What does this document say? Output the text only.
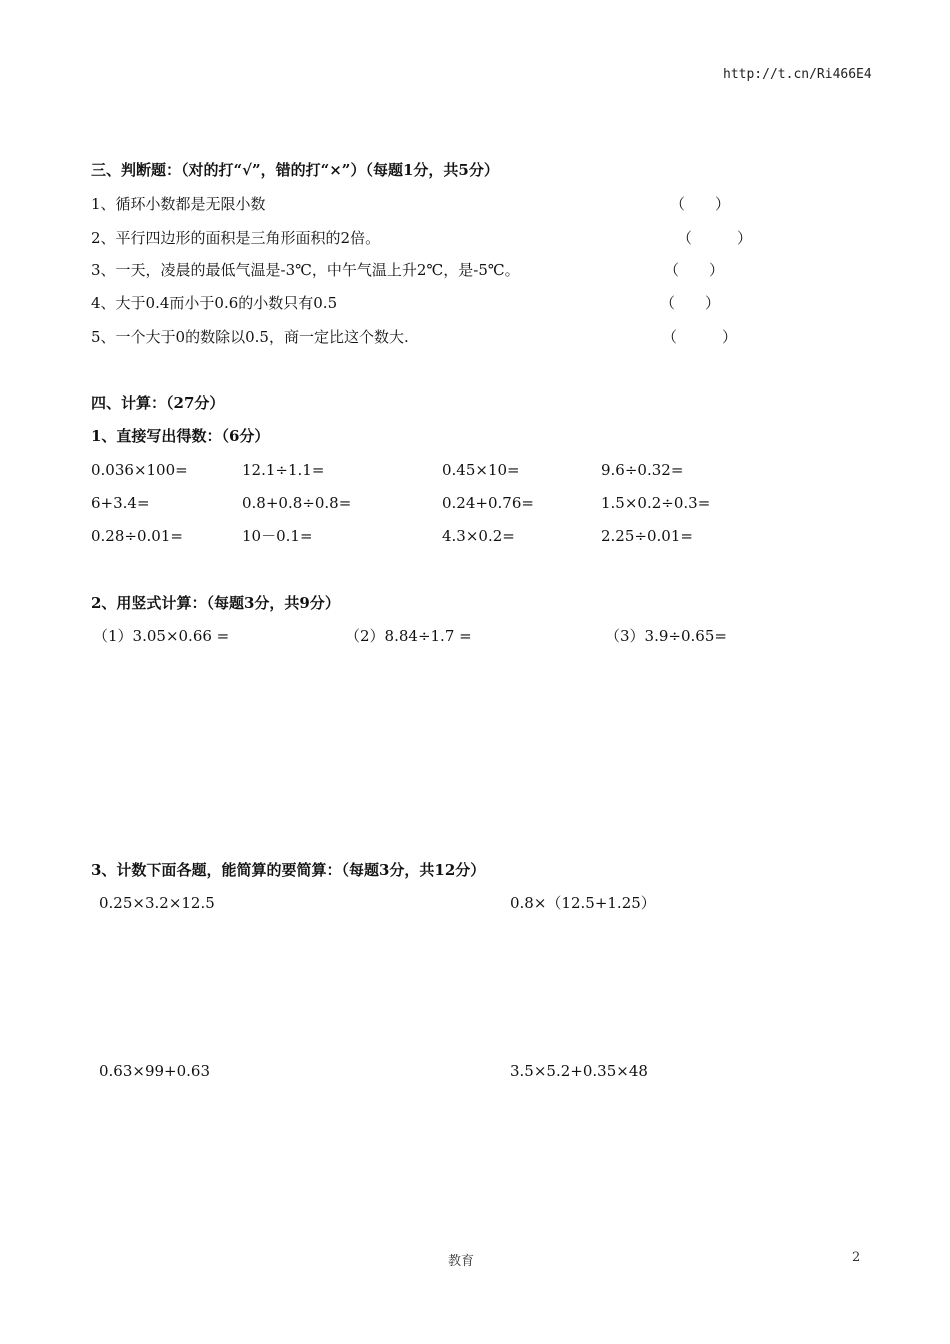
http://t.cn/Ri466E4
三、判断题：（对的打“√”，错的打“×”）（每题1分，共5分）
1、循环小数都是无限小数	（　　）
2、平行四边形的面积是三角形面积的2倍。	（　　　）
3、一天，凌晨的最低气温是-3℃，中午气温上升2℃，是-5℃。	（　　）
4、大于0.4而小于0.6的小数只有0.5	（　　）
5、一个大于0的数除以0.5，商一定比这个数大.	（　　　）
四、计算：（27分）
1、直接写出得数：（6分）
0.036×100=	12.1÷1.1=	0.45×10=	9.6÷0.32=
6+3.4=	0.8+0.8÷0.8=	0.24+0.76=	1.5×0.2÷0.3=
0.28÷0.01=	10－0.1=	4.3×0.2=	2.25÷0.01=
2、用竖式计算：（每题3分，共9分）
（1）3.05×0.66 =	（2）8.84÷1.7 =	（3）3.9÷0.65=
3、计数下面各题，能简算的要简算：（每题3分，共12分）
0.25×3.2×12.5	0.8×（12.5+1.25）
0.63×99+0.63	3.5×5.2+0.35×48
教育	2
